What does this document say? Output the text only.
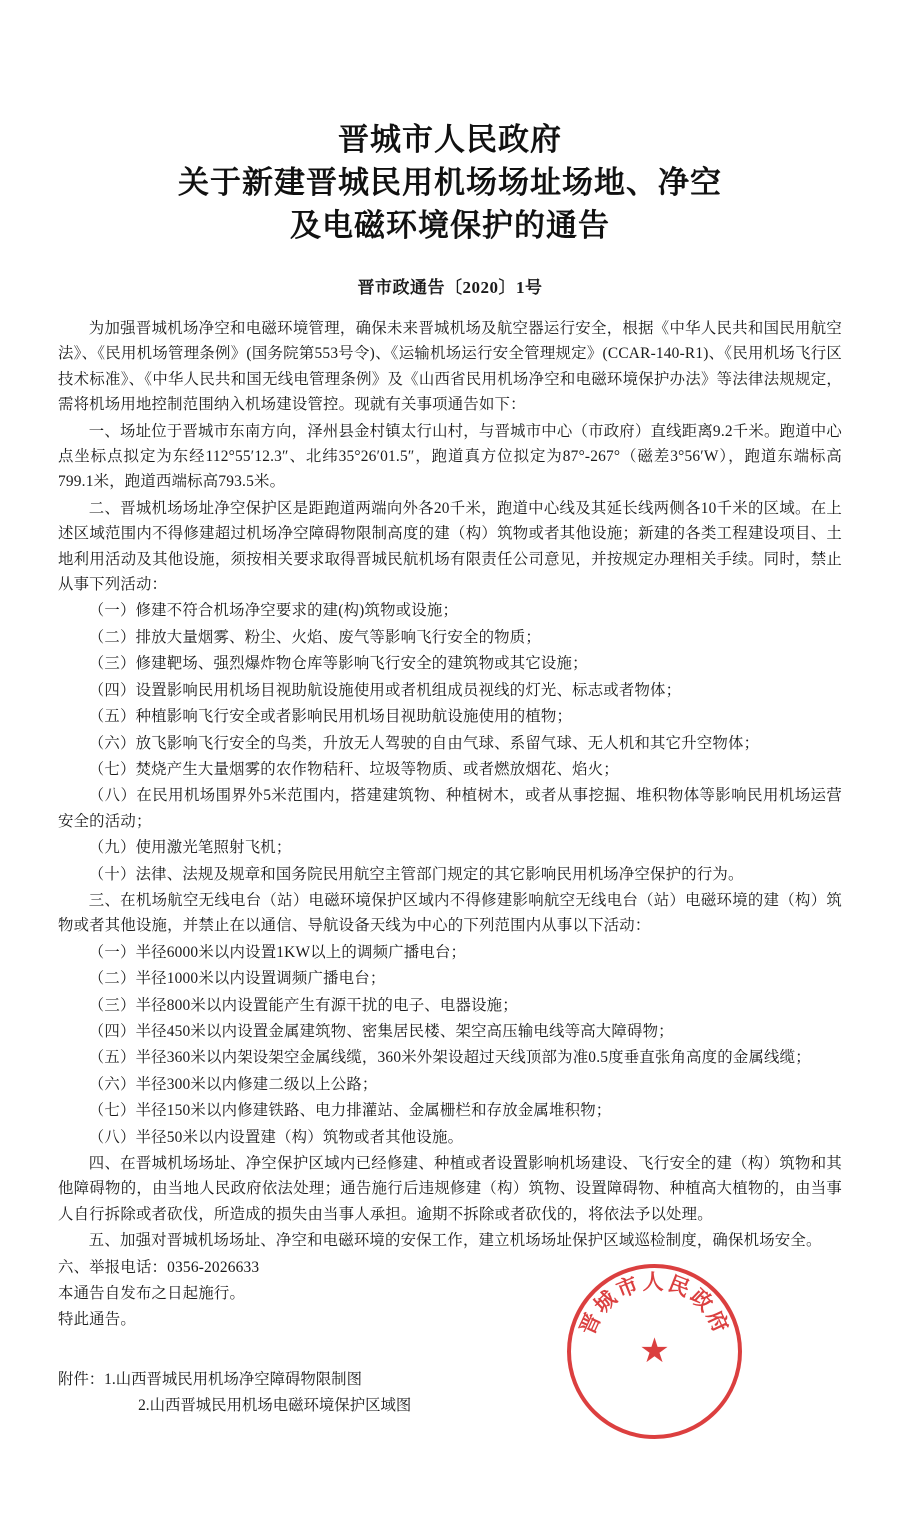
晋城市人民政府
关于新建晋城民用机场场址场地、净空
及电磁环境保护的通告
晋市政通告〔2020〕1号

为加强晋城机场净空和电磁环境管理，确保未来晋城机场及航空器运行安全，根据《中华人民共和国民用航空法》、《民用机场管理条例》(国务院第553号令)、《运输机场运行安全管理规定》(CCAR-140-R1)、《民用机场飞行区技术标准》、《中华人民共和国无线电管理条例》及《山西省民用机场净空和电磁环境保护办法》等法律法规规定，需将机场用地控制范围纳入机场建设管控。现就有关事项通告如下：

一、场址位于晋城市东南方向，泽州县金村镇太行山村，与晋城市中心（市政府）直线距离9.2千米。跑道中心点坐标点拟定为东经112°55′12.3″、北纬35°26′01.5″，跑道真方位拟定为87°-267°（磁差3°56′W），跑道东端标高799.1米，跑道西端标高793.5米。

二、晋城机场场址净空保护区是距跑道两端向外各20千米，跑道中心线及其延长线两侧各10千米的区域。在上述区域范围内不得修建超过机场净空障碍物限制高度的建（构）筑物或者其他设施；新建的各类工程建设项目、土地利用活动及其他设施，须按相关要求取得晋城民航机场有限责任公司意见，并按规定办理相关手续。同时，禁止从事下列活动：

（一）修建不符合机场净空要求的建(构)筑物或设施；

（二）排放大量烟雾、粉尘、火焰、废气等影响飞行安全的物质；

（三）修建靶场、强烈爆炸物仓库等影响飞行安全的建筑物或其它设施；

（四）设置影响民用机场目视助航设施使用或者机组成员视线的灯光、标志或者物体；

（五）种植影响飞行安全或者影响民用机场目视助航设施使用的植物；

（六）放飞影响飞行安全的鸟类，升放无人驾驶的自由气球、系留气球、无人机和其它升空物体；

（七）焚烧产生大量烟雾的农作物秸秆、垃圾等物质、或者燃放烟花、焰火；

（八）在民用机场围界外5米范围内，搭建建筑物、种植树木，或者从事挖掘、堆积物体等影响民用机场运营安全的活动；

（九）使用激光笔照射飞机；

（十）法律、法规及规章和国务院民用航空主管部门规定的其它影响民用机场净空保护的行为。

三、在机场航空无线电台（站）电磁环境保护区域内不得修建影响航空无线电台（站）电磁环境的建（构）筑物或者其他设施，并禁止在以通信、导航设备天线为中心的下列范围内从事以下活动：

（一）半径6000米以内设置1KW以上的调频广播电台；

（二）半径1000米以内设置调频广播电台；

（三）半径800米以内设置能产生有源干扰的电子、电器设施；

（四）半径450米以内设置金属建筑物、密集居民楼、架空高压输电线等高大障碍物；

（五）半径360米以内架设架空金属线缆，360米外架设超过天线顶部为准0.5度垂直张角高度的金属线缆；

（六）半径300米以内修建二级以上公路；

（七）半径150米以内修建铁路、电力排灌站、金属栅栏和存放金属堆积物；

（八）半径50米以内设置建（构）筑物或者其他设施。

四、在晋城机场场址、净空保护区域内已经修建、种植或者设置影响机场建设、飞行安全的建（构）筑物和其他障碍物的，由当地人民政府依法处理；通告施行后违规修建（构）筑物、设置障碍物、种植高大植物的，由当事人自行拆除或者砍伐，所造成的损失由当事人承担。逾期不拆除或者砍伐的，将依法予以处理。

五、加强对晋城机场场址、净空和电磁环境的安保工作，建立机场场址保护区域巡检制度，确保机场安全。

六、举报电话：0356-2026633

本通告自发布之日起施行。

特此通告。

附件：1.山西晋城民用机场净空障碍物限制图
2.山西晋城民用机场电磁环境保护区域图
晋城市人民政府
★
